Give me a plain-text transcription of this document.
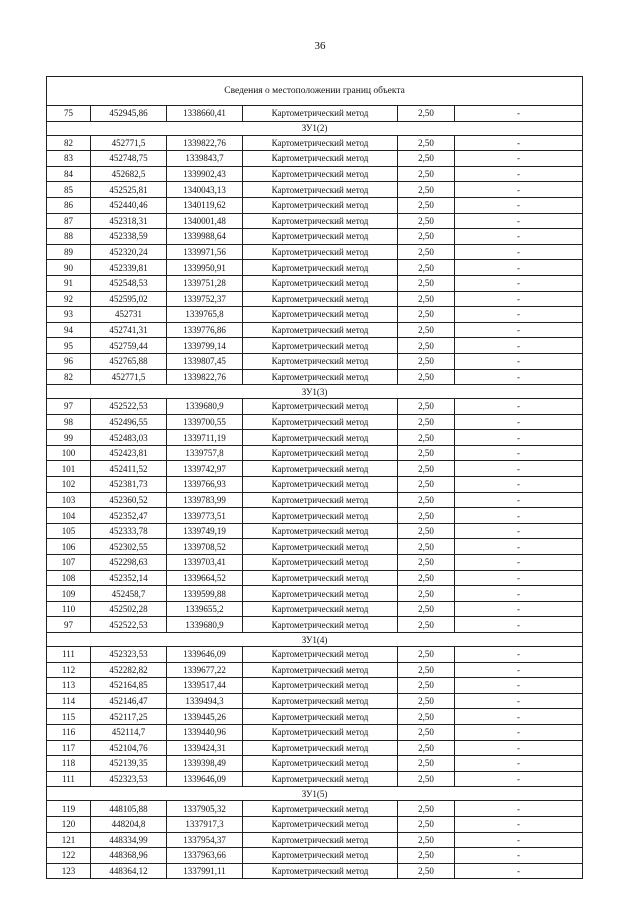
36
Сведения о местоположении границ объекта					
75	452945,86	1338660,41	Картометрический метод	2,50	-
ЗУ1(2)					
82	452771,5	1339822,76	Картометрический метод	2,50	-
83	452748,75	1339843,7	Картометрический метод	2,50	-
84	452682,5	1339902,43	Картометрический метод	2,50	-
85	452525,81	1340043,13	Картометрический метод	2,50	-
86	452440,46	1340119,62	Картометрический метод	2,50	-
87	452318,31	1340001,48	Картометрический метод	2,50	-
88	452338,59	1339988,64	Картометрический метод	2,50	-
89	452320,24	1339971,56	Картометрический метод	2,50	-
90	452339,81	1339950,91	Картометрический метод	2,50	-
91	452548,53	1339751,28	Картометрический метод	2,50	-
92	452595,02	1339752,37	Картометрический метод	2,50	-
93	452731	1339765,8	Картометрический метод	2,50	-
94	452741,31	1339776,86	Картометрический метод	2,50	-
95	452759,44	1339799,14	Картометрический метод	2,50	-
96	452765,88	1339807,45	Картометрический метод	2,50	-
82	452771,5	1339822,76	Картометрический метод	2,50	-
ЗУ1(3)					
97	452522,53	1339680,9	Картометрический метод	2,50	-
98	452496,55	1339700,55	Картометрический метод	2,50	-
99	452483,03	1339711,19	Картометрический метод	2,50	-
100	452423,81	1339757,8	Картометрический метод	2,50	-
101	452411,52	1339742,97	Картометрический метод	2,50	-
102	452381,73	1339766,93	Картометрический метод	2,50	-
103	452360,52	1339783,99	Картометрический метод	2,50	-
104	452352,47	1339773,51	Картометрический метод	2,50	-
105	452333,78	1339749,19	Картометрический метод	2,50	-
106	452302,55	1339708,52	Картометрический метод	2,50	-
107	452298,63	1339703,41	Картометрический метод	2,50	-
108	452352,14	1339664,52	Картометрический метод	2,50	-
109	452458,7	1339599,88	Картометрический метод	2,50	-
110	452502,28	1339655,2	Картометрический метод	2,50	-
97	452522,53	1339680,9	Картометрический метод	2,50	-
ЗУ1(4)					
111	452323,53	1339646,09	Картометрический метод	2,50	-
112	452282,82	1339677,22	Картометрический метод	2,50	-
113	452164,85	1339517,44	Картометрический метод	2,50	-
114	452146,47	1339494,3	Картометрический метод	2,50	-
115	452117,25	1339445,26	Картометрический метод	2,50	-
116	452114,7	1339440,96	Картометрический метод	2,50	-
117	452104,76	1339424,31	Картометрический метод	2,50	-
118	452139,35	1339398,49	Картометрический метод	2,50	-
111	452323,53	1339646,09	Картометрический метод	2,50	-
ЗУ1(5)					
119	448105,88	1337905,32	Картометрический метод	2,50	-
120	448204,8	1337917,3	Картометрический метод	2,50	-
121	448334,99	1337954,37	Картометрический метод	2,50	-
122	448368,96	1337963,66	Картометрический метод	2,50	-
123	448364,12	1337991,11	Картометрический метод	2,50	-
